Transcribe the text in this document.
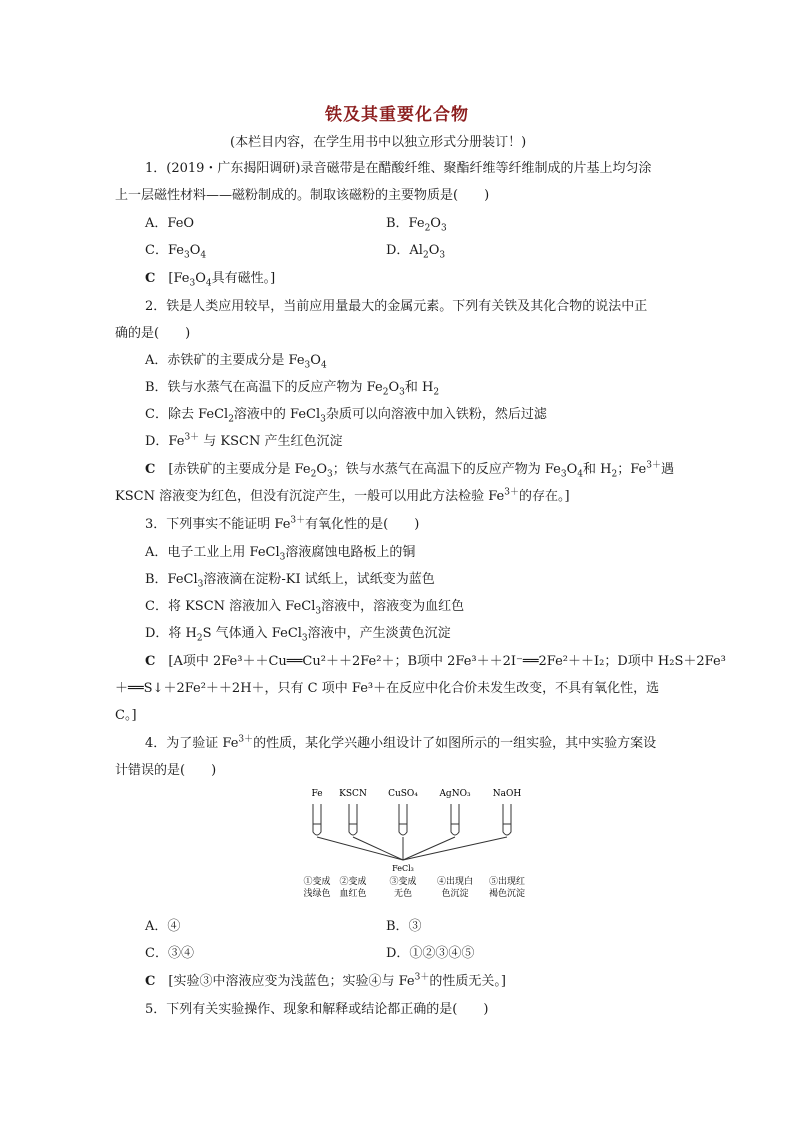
铁及其重要化合物
(本栏目内容，在学生用书中以独立形式分册装订！)
1．(2019・广东揭阳调研)录音磁带是在醋酸纤维、聚酯纤维等纤维制成的片基上均匀涂
上一层磁性材料——磁粉制成的。制取该磁粉的主要物质是(　　)
A．FeO	B．$Fe_2O_3$
C．$Fe_3O_4$	D．$Al_2O_3$
C　 [$Fe_3O_4$具有磁性。]
2．铁是人类应用较早，当前应用量最大的金属元素。下列有关铁及其化合物的说法中正
确的是(　　)
A．赤铁矿的主要成分是 $Fe_3O_4$
B．铁与水蒸气在高温下的反应产物为 $Fe_2O_3$和 $H_2$
C．除去 FeCl$_2$溶液中的 FeCl$_3$杂质可以向溶液中加入铁粉，然后过滤
D．$Fe^{3+}$ 与 KSCN 产生红色沉淀
C　 [赤铁矿的主要成分是 $Fe_2O_3$；铁与水蒸气在高温下的反应产物为 $Fe_3O_4$和 $H_2$；$Fe^{3+}$遇
KSCN 溶液变为红色，但没有沉淀产生，一般可以用此方法检验 $Fe^{3+}$的存在。]
3．下列事实不能证明 $Fe^{3+}$有氧化性的是(　　)
A．电子工业上用 FeCl$_3$溶液腐蚀电路板上的铜
B．FeCl$_3$溶液滴在淀粉-KI 试纸上，试纸变为蓝色
C．将 KSCN 溶液加入 FeCl$_3$溶液中，溶液变为血红色
D．将 $H_2S$ 气体通入 FeCl$_3$溶液中，产生淡黄色沉淀
C　 [A项中 2Fe³＋＋Cu══Cu²＋＋2Fe²＋；B项中 2Fe³＋＋2I⁻══2Fe²＋＋I₂；D项中 H₂S＋2Fe³
＋══S↓＋2Fe²＋＋2H＋，只有 C 项中 Fe³＋在反应中化合价未发生改变，不具有氧化性，选
C。]
4．为了验证 $Fe^{3+}$的性质，某化学兴趣小组设计了如图所示的一组实验，其中实验方案设
计错误的是(　　)
Fe KSCN CuSO₄ AgNO₃ NaOH
①变成
浅绿色
②变成
血红色
③变成
无色
④出现白
色沉淀
⑤出现红
褐色沉淀
FeCl₃
A．④	B．③
C．③④	D．①②③④⑤
C　 [实验③中溶液应变为浅蓝色；实验④与 $Fe^{3+}$的性质无关。]
5．下列有关实验操作、现象和解释或结论都正确的是(　　)
